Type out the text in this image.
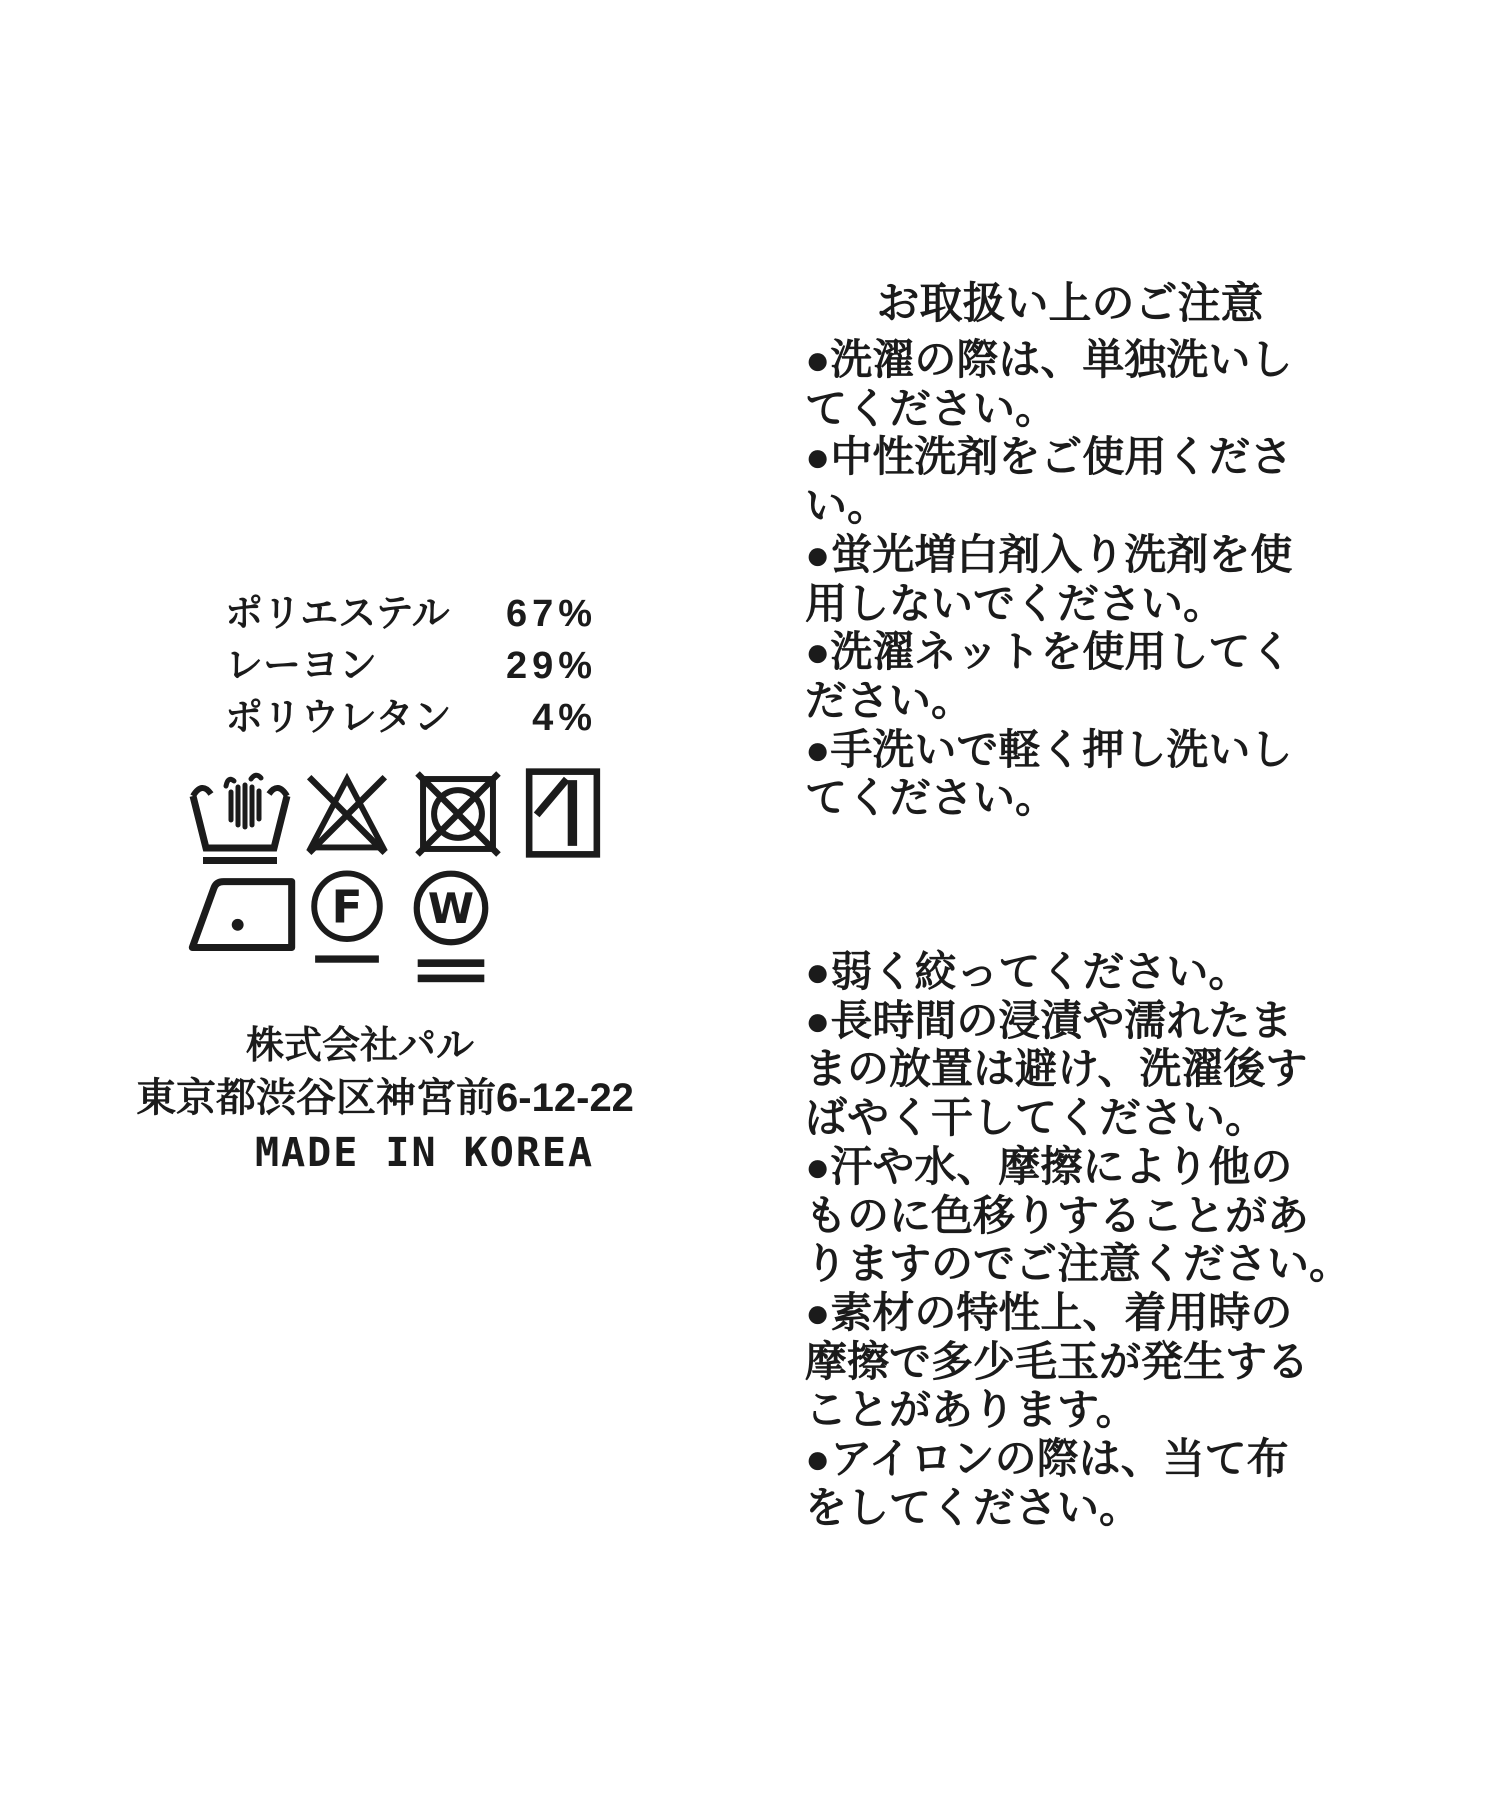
ポリエステル 67%
レーヨン	29%
ポリウレタン 4%
F W
株式会社パル
東京都渋谷区神宮前6-12-22
MADE IN KOREA
お取扱い上のご注意
●洗濯の際は、単独洗いし
てください。
●中性洗剤をご使用くださ
い。
●蛍光増白剤入り洗剤を使
用しないでください。
●洗濯ネットを使用してく
ださい。
●手洗いで軽く押し洗いし
てください。
●弱く絞ってください。
●長時間の浸漬や濡れたま
まの放置は避け、洗濯後す
ばやく干してください。
●汗や水、摩擦により他の
ものに色移りすることがあ
りますのでご注意ください。
●素材の特性上、着用時の
摩擦で多少毛玉が発生する
ことがあります。
●アイロンの際は、当て布
をしてください。
